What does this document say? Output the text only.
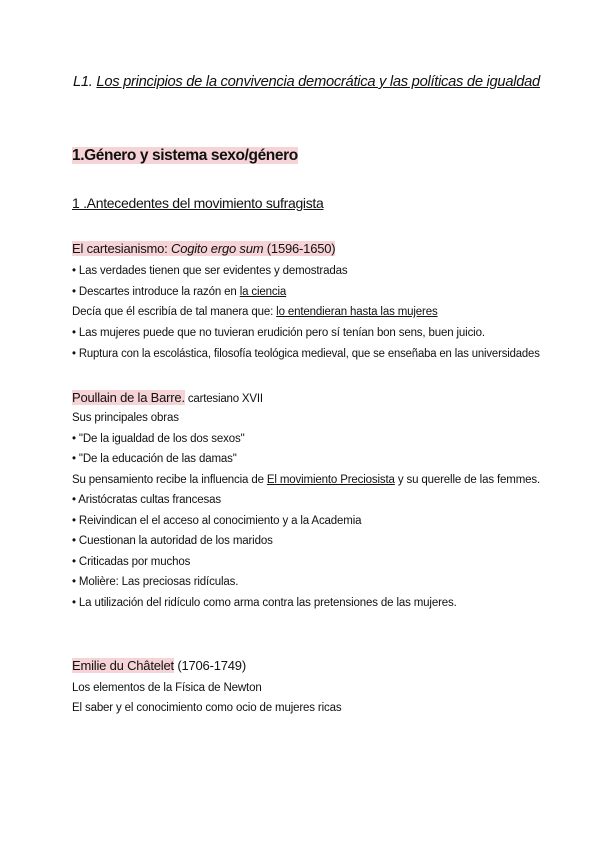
L1. Los principios de la convivencia democrática y las políticas de igualdad
1.Género y sistema sexo/género
1 .Antecedentes del movimiento sufragista
El cartesianismo: Cogito ergo sum (1596-1650)
• Las verdades tienen que ser evidentes y demostradas
• Descartes introduce la razón en la ciencia
Decía que él escribía de tal manera que: lo entendieran hasta las mujeres
• Las mujeres puede que no tuvieran erudición pero sí tenían bon sens, buen juicio.
• Ruptura con la escolástica, filosofía teológica medieval, que se enseñaba en las universidades
Poullain de la Barre. cartesiano XVII
Sus principales obras
• "De la igualdad de los dos sexos"
• "De la educación de las damas"
Su pensamiento recibe la influencia de El movimiento Preciosista y su querelle de las femmes.
• Aristócratas cultas francesas
• Reivindican el el acceso al conocimiento y a la Academia
• Cuestionan la autoridad de los maridos
• Criticadas por muchos
• Molière: Las preciosas ridículas.
• La utilización del ridículo como arma contra las pretensiones de las mujeres.
Emilie du Châtelet (1706-1749)
Los elementos de la Física de Newton
El saber y el conocimiento como ocio de mujeres ricas
